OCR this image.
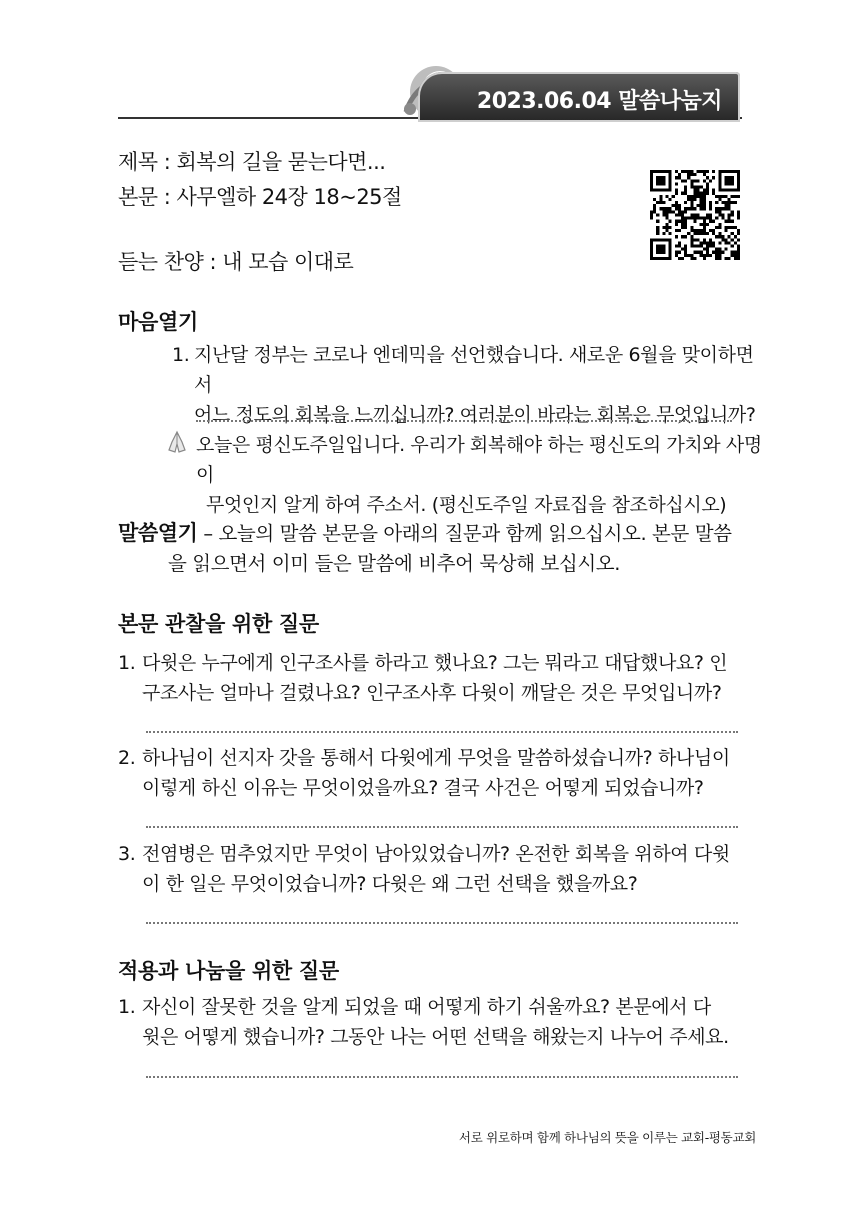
2023.06.04 말씀나눔지
제목 : 회복의 길을 묻는다면...
본문 : 사무엘하 24장 18~25절
듣는 찬양 : 내 모습 이대로
마음열기
1. 지난달 정부는 코로나 엔데믹을 선언했습니다. 새로운 6월을 맞이하면서
어느 정도의 회복을 느끼십니까? 여러분이 바라는 회복은 무엇입니까?
오늘은 평신도주일입니다. 우리가 회복해야 하는 평신도의 가치와 사명이
무엇인지 알게 하여 주소서. (평신도주일 자료집을 참조하십시오)
말씀열기 – 오늘의 말씀 본문을 아래의 질문과 함께 읽으십시오. 본문 말씀
을 읽으면서 이미 들은 말씀에 비추어 묵상해 보십시오.
본문 관찰을 위한 질문
1. 다윗은 누구에게 인구조사를 하라고 했나요? 그는 뭐라고 대답했나요? 인
구조사는 얼마나 걸렸나요? 인구조사후 다윗이 깨달은 것은 무엇입니까?
2. 하나님이 선지자 갓을 통해서 다윗에게 무엇을 말씀하셨습니까? 하나님이
이렇게 하신 이유는 무엇이었을까요? 결국 사건은 어떻게 되었습니까?
3. 전염병은 멈추었지만 무엇이 남아있었습니까? 온전한 회복을 위하여 다윗
이 한 일은 무엇이었습니까? 다윗은 왜 그런 선택을 했을까요?
적용과 나눔을 위한 질문
1. 자신이 잘못한 것을 알게 되었을 때 어떻게 하기 쉬울까요? 본문에서 다
윗은 어떻게 했습니까? 그동안 나는 어떤 선택을 해왔는지 나누어 주세요.
서로 위로하며 함께 하나님의 뜻을 이루는 교회-평동교회
